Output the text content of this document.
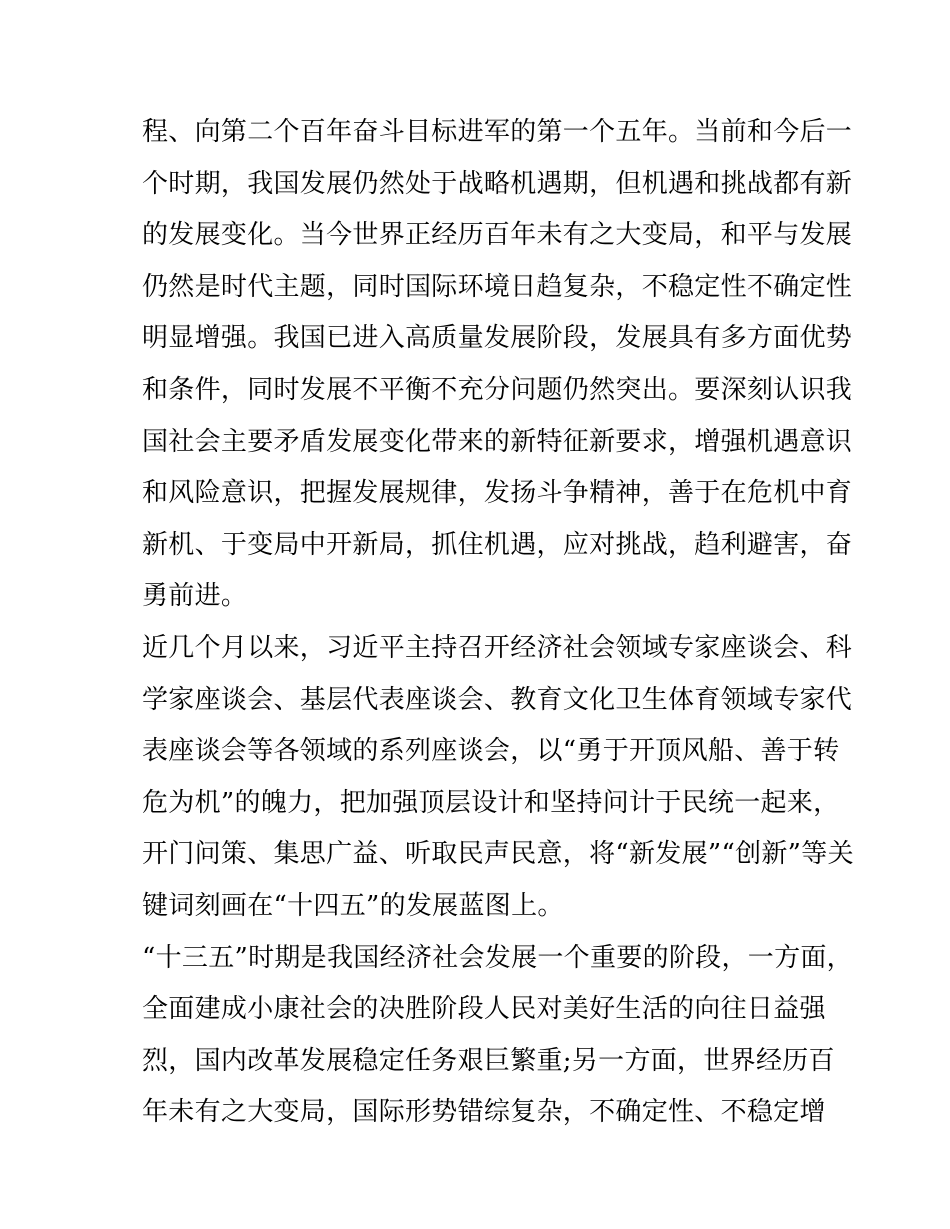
程、向第二个百年奋斗目标进军的第一个五年。当前和今后一
个时期，我国发展仍然处于战略机遇期，但机遇和挑战都有新
的发展变化。当今世界正经历百年未有之大变局，和平与发展
仍然是时代主题，同时国际环境日趋复杂，不稳定性不确定性
明显增强。我国已进入高质量发展阶段，发展具有多方面优势
和条件，同时发展不平衡不充分问题仍然突出。要深刻认识我
国社会主要矛盾发展变化带来的新特征新要求，增强机遇意识
和风险意识，把握发展规律，发扬斗争精神，善于在危机中育
新机、于变局中开新局，抓住机遇，应对挑战，趋利避害，奋
勇前进。
近几个月以来，习近平主持召开经济社会领域专家座谈会、科
学家座谈会、基层代表座谈会、教育文化卫生体育领域专家代
表座谈会等各领域的系列座谈会，以“勇于开顶风船、善于转
危为机”的魄力，把加强顶层设计和坚持问计于民统一起来，
开门问策、集思广益、听取民声民意，将“新发展”“创新”等关
键词刻画在“十四五”的发展蓝图上。
“十三五”时期是我国经济社会发展一个重要的阶段，一方面，
全面建成小康社会的决胜阶段人民对美好生活的向往日益强
烈，国内改革发展稳定任务艰巨繁重;另一方面，世界经历百
年未有之大变局，国际形势错综复杂，不确定性、不稳定增
